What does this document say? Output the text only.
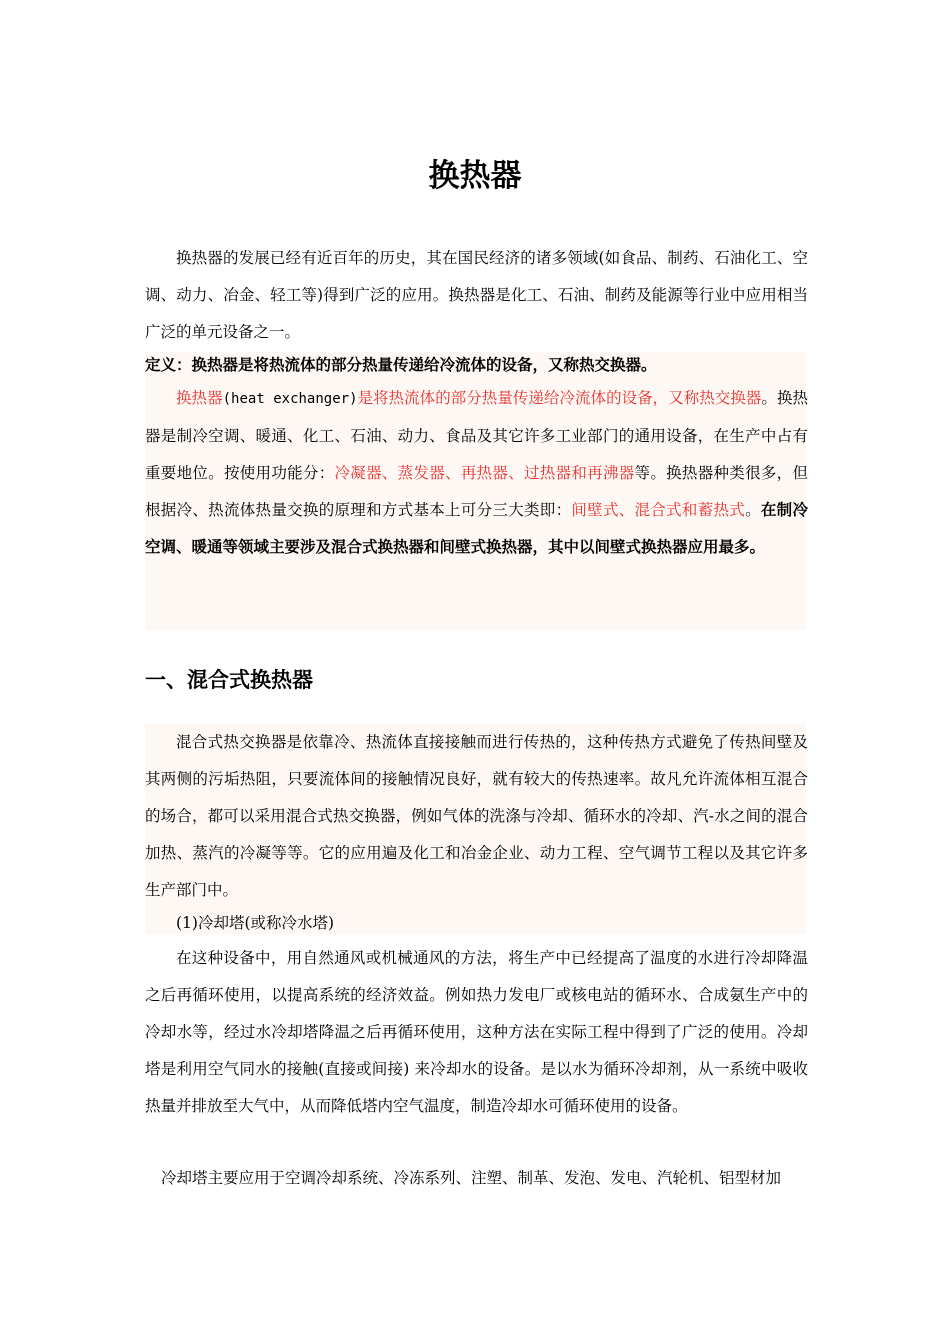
换热器

换热器的发展已经有近百年的历史，其在国民经济的诸多领域(如食品、制药、石油化工、空调、动力、冶金、轻工等)得到广泛的应用。换热器是化工、石油、制药及能源等行业中应用相当广泛的单元设备之一。

定义：换热器是将热流体的部分热量传递给冷流体的设备，又称热交换器。

换热器(heat exchanger)是将热流体的部分热量传递给冷流体的设备，又称热交换器。换热器是制冷空调、暖通、化工、石油、动力、食品及其它许多工业部门的通用设备，在生产中占有重要地位。按使用功能分：冷凝器、蒸发器、再热器、过热器和再沸器等。换热器种类很多，但根据冷、热流体热量交换的原理和方式基本上可分三大类即：间壁式、混合式和蓄热式。在制冷空调、暖通等领域主要涉及混合式换热器和间壁式换热器，其中以间壁式换热器应用最多。

一、混合式换热器

混合式热交换器是依靠冷、热流体直接接触而进行传热的，这种传热方式避免了传热间壁及其两侧的污垢热阻，只要流体间的接触情况良好，就有较大的传热速率。故凡允许流体相互混合的场合，都可以采用混合式热交换器，例如气体的洗涤与冷却、循环水的冷却、汽-水之间的混合加热、蒸汽的冷凝等等。它的应用遍及化工和冶金企业、动力工程、空气调节工程以及其它许多生产部门中。

(1)冷却塔(或称冷水塔)

在这种设备中，用自然通风或机械通风的方法，将生产中已经提高了温度的水进行冷却降温之后再循环使用，以提高系统的经济效益。例如热力发电厂或核电站的循环水、合成氨生产中的冷却水等，经过水冷却塔降温之后再循环使用，这种方法在实际工程中得到了广泛的使用。冷却塔是利用空气同水的接触(直接或间接) 来冷却水的设备。是以水为循环冷却剂，从一系统中吸收热量并排放至大气中，从而降低塔内空气温度，制造冷却水可循环使用的设备。

冷却塔主要应用于空调冷却系统、冷冻系列、注塑、制革、发泡、发电、汽轮机、铝型材加
